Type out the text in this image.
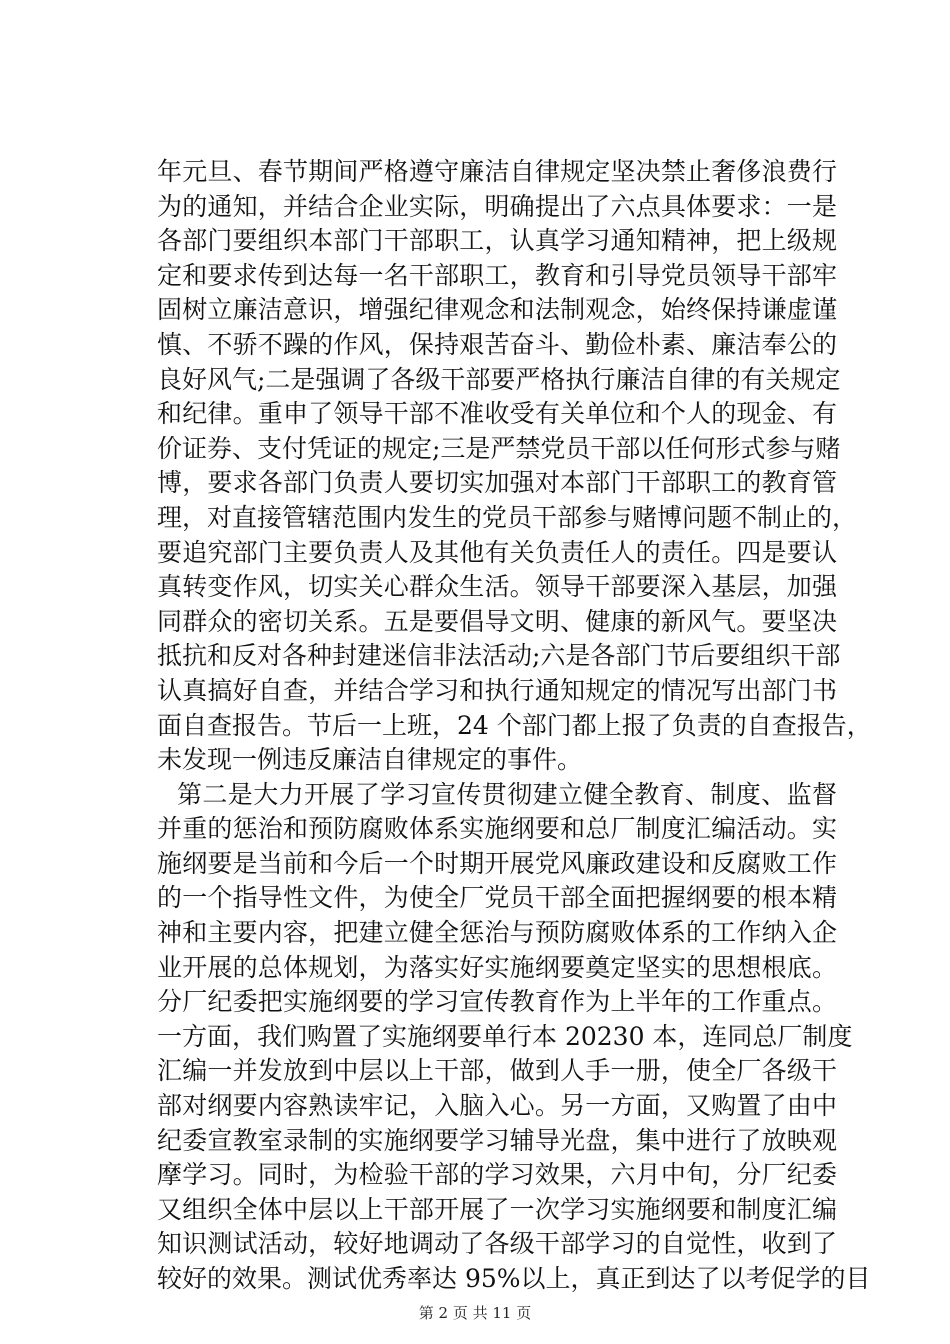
年元旦、春节期间严格遵守廉洁自律规定坚决禁止奢侈浪费行
为的通知，并结合企业实际，明确提出了六点具体要求：一是
各部门要组织本部门干部职工，认真学习通知精神，把上级规
定和要求传到达每一名干部职工，教育和引导党员领导干部牢
固树立廉洁意识，增强纪律观念和法制观念，始终保持谦虚谨
慎、不骄不躁的作风，保持艰苦奋斗、勤俭朴素、廉洁奉公的
良好风气;二是强调了各级干部要严格执行廉洁自律的有关规定
和纪律。重申了领导干部不准收受有关单位和个人的现金、有
价证券、支付凭证的规定;三是严禁党员干部以任何形式参与赌
博，要求各部门负责人要切实加强对本部门干部职工的教育管
理，对直接管辖范围内发生的党员干部参与赌博问题不制止的，
要追究部门主要负责人及其他有关负责任人的责任。四是要认
真转变作风，切实关心群众生活。领导干部要深入基层，加强
同群众的密切关系。五是要倡导文明、健康的新风气。要坚决
抵抗和反对各种封建迷信非法活动;六是各部门节后要组织干部
认真搞好自查，并结合学习和执行通知规定的情况写出部门书
面自查报告。节后一上班，24 个部门都上报了负责的自查报告，
未发现一例违反廉洁自律规定的事件。
第二是大力开展了学习宣传贯彻建立健全教育、制度、监督
并重的惩治和预防腐败体系实施纲要和总厂制度汇编活动。实
施纲要是当前和今后一个时期开展党风廉政建设和反腐败工作
的一个指导性文件，为使全厂党员干部全面把握纲要的根本精
神和主要内容，把建立健全惩治与预防腐败体系的工作纳入企
业开展的总体规划，为落实好实施纲要奠定坚实的思想根底。
分厂纪委把实施纲要的学习宣传教育作为上半年的工作重点。
一方面，我们购置了实施纲要单行本 20230 本，连同总厂制度
汇编一并发放到中层以上干部，做到人手一册，使全厂各级干
部对纲要内容熟读牢记，入脑入心。另一方面，又购置了由中
纪委宣教室录制的实施纲要学习辅导光盘，集中进行了放映观
摩学习。同时，为检验干部的学习效果，六月中旬，分厂纪委
又组织全体中层以上干部开展了一次学习实施纲要和制度汇编
知识测试活动，较好地调动了各级干部学习的自觉性，收到了
较好的效果。测试优秀率达 95%以上，真正到达了以考促学的目
第 2 页 共 11 页
